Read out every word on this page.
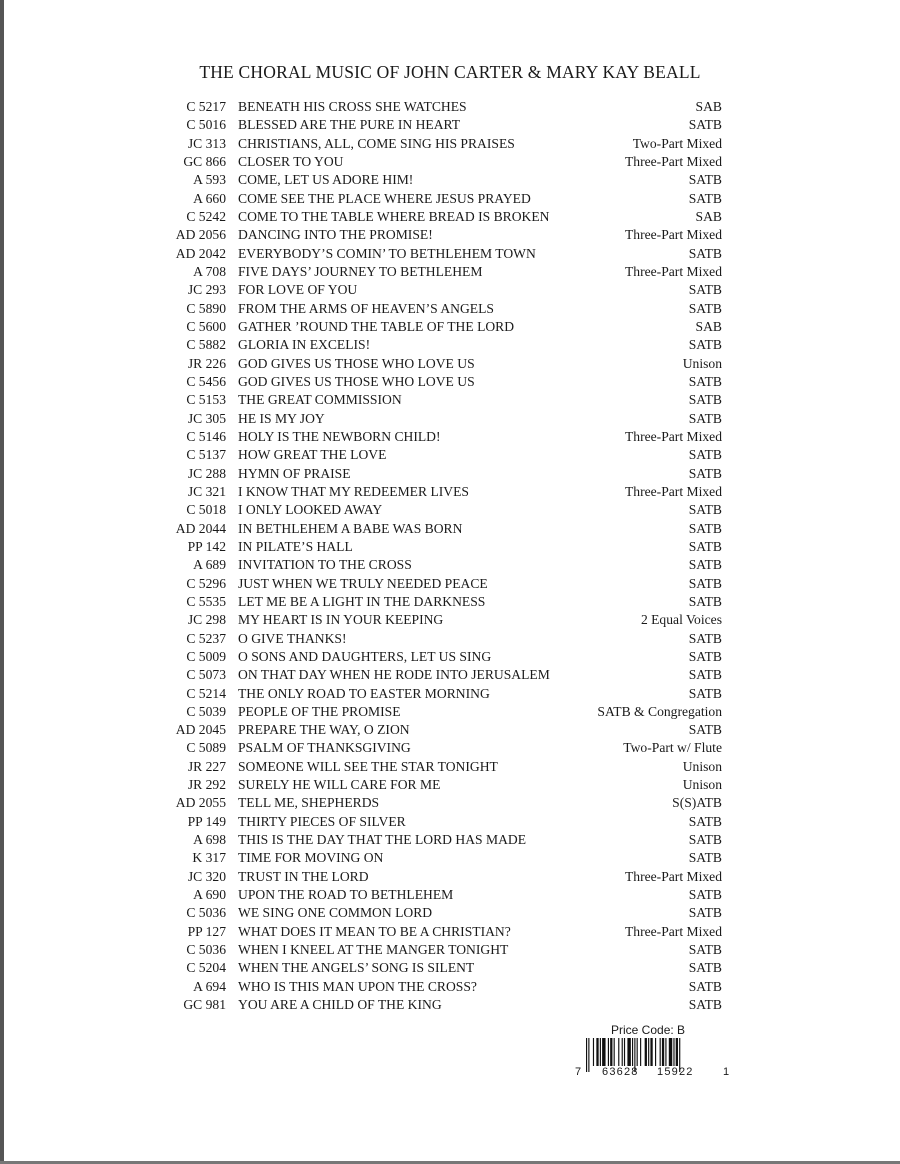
THE CHORAL MUSIC OF JOHN CARTER & MARY KAY BEALL
C 5217 BENEATH HIS CROSS SHE WATCHES	SAB
C 5016 BLESSED ARE THE PURE IN HEART	SATB
JC 313 CHRISTIANS, ALL, COME SING HIS PRAISES	Two-Part Mixed
GC 866 CLOSER TO YOU	Three-Part Mixed
A 593 COME, LET US ADORE HIM!	SATB
A 660 COME SEE THE PLACE WHERE JESUS PRAYED	SATB
C 5242 COME TO THE TABLE WHERE BREAD IS BROKEN	SAB
AD 2056 DANCING INTO THE PROMISE!	Three-Part Mixed
AD 2042 EVERYBODY’S COMIN’ TO BETHLEHEM TOWN	SATB
A 708 FIVE DAYS’ JOURNEY TO BETHLEHEM	Three-Part Mixed
JC 293 FOR LOVE OF YOU	SATB
C 5890 FROM THE ARMS OF HEAVEN’S ANGELS	SATB
C 5600 GATHER ’ROUND THE TABLE OF THE LORD	SAB
C 5882 GLORIA IN EXCELIS!	SATB
JR 226 GOD GIVES US THOSE WHO LOVE US	Unison
C 5456 GOD GIVES US THOSE WHO LOVE US	SATB
C 5153 THE GREAT COMMISSION	SATB
JC 305 HE IS MY JOY	SATB
C 5146 HOLY IS THE NEWBORN CHILD!	Three-Part Mixed
C 5137 HOW GREAT THE LOVE	SATB
JC 288 HYMN OF PRAISE	SATB
JC 321 I KNOW THAT MY REDEEMER LIVES	Three-Part Mixed
C 5018 I ONLY LOOKED AWAY	SATB
AD 2044 IN BETHLEHEM A BABE WAS BORN	SATB
PP 142 IN PILATE’S HALL	SATB
A 689 INVITATION TO THE CROSS	SATB
C 5296 JUST WHEN WE TRULY NEEDED PEACE	SATB
C 5535 LET ME BE A LIGHT IN THE DARKNESS	SATB
JC 298 MY HEART IS IN YOUR KEEPING	2 Equal Voices
C 5237 O GIVE THANKS!	SATB
C 5009 O SONS AND DAUGHTERS, LET US SING	SATB
C 5073 ON THAT DAY WHEN HE RODE INTO JERUSALEM	SATB
C 5214 THE ONLY ROAD TO EASTER MORNING	SATB
C 5039 PEOPLE OF THE PROMISE	SATB & Congregation
AD 2045 PREPARE THE WAY, O ZION	SATB
C 5089 PSALM OF THANKSGIVING	Two-Part w/ Flute
JR 227 SOMEONE WILL SEE THE STAR TONIGHT	Unison
JR 292 SURELY HE WILL CARE FOR ME	Unison
AD 2055 TELL ME, SHEPHERDS	S(S)ATB
PP 149 THIRTY PIECES OF SILVER	SATB
A 698 THIS IS THE DAY THAT THE LORD HAS MADE	SATB
K 317 TIME FOR MOVING ON	SATB
JC 320 TRUST IN THE LORD	Three-Part Mixed
A 690 UPON THE ROAD TO BETHLEHEM	SATB
C 5036 WE SING ONE COMMON LORD	SATB
PP 127 WHAT DOES IT MEAN TO BE A CHRISTIAN?	Three-Part Mixed
C 5036 WHEN I KNEEL AT THE MANGER TONIGHT	SATB
C 5204 WHEN THE ANGELS’ SONG IS SILENT	SATB
A 694 WHO IS THIS MAN UPON THE CROSS?	SATB
GC 981 YOU ARE A CHILD OF THE KING	SATB
Price Code: B
7 63628 15922	1
